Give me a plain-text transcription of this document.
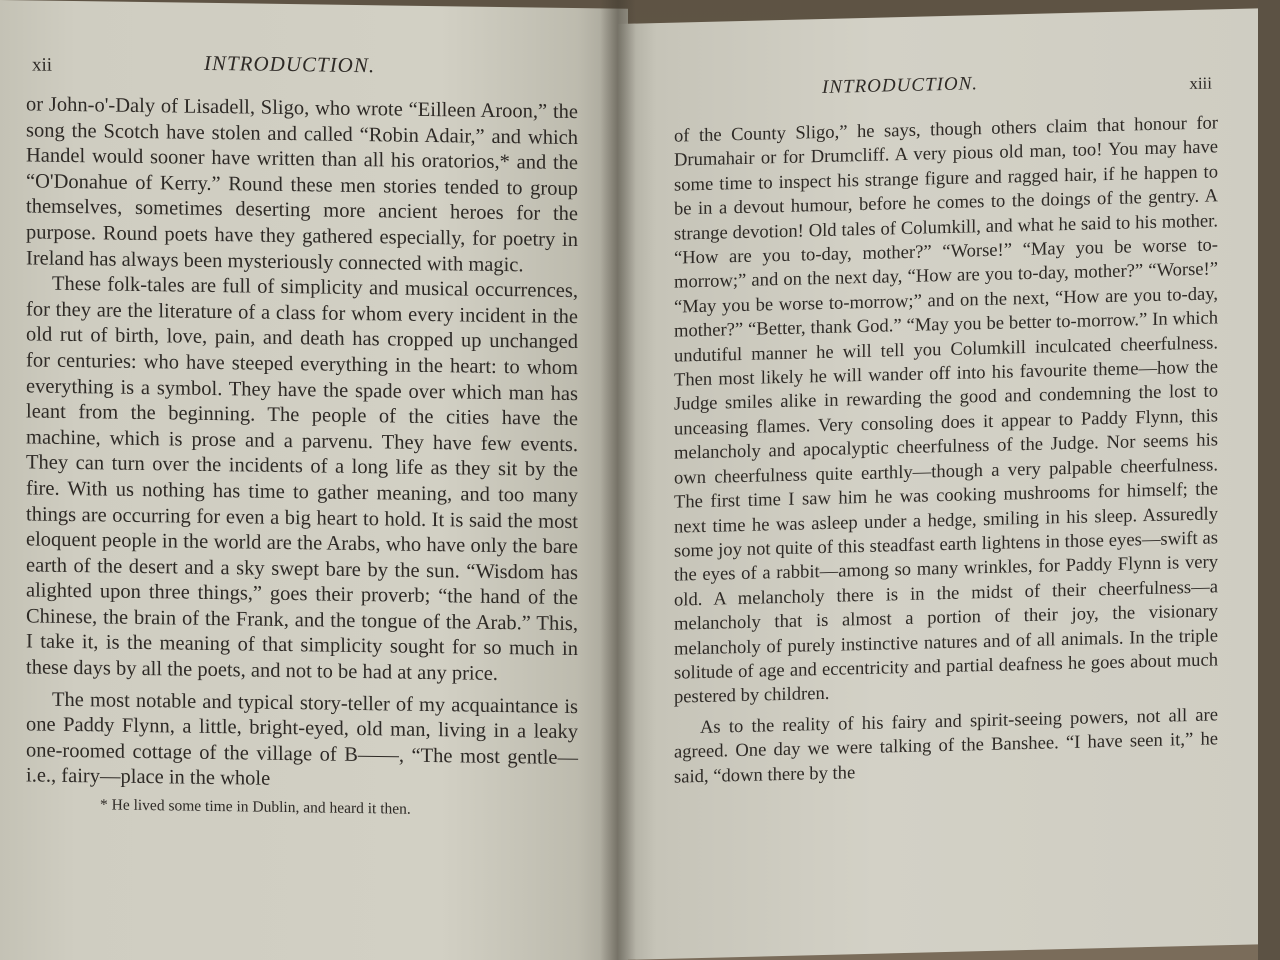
xii	INTRODUCTION.

or John-o'-Daly of Lisadell, Sligo, who wrote “Eilleen Aroon,” the song the Scotch have stolen and called “Robin Adair,” and which Handel would sooner have written than all his oratorios,* and the “O'Donahue of Kerry.” Round these men stories tended to group themselves, sometimes deserting more ancient heroes for the purpose. Round poets have they gathered especially, for poetry in Ireland has always been mysteriously connected with magic.

These folk-tales are full of simplicity and musical occurrences, for they are the literature of a class for whom every incident in the old rut of birth, love, pain, and death has cropped up unchanged for centuries: who have steeped everything in the heart: to whom everything is a symbol. They have the spade over which man has leant from the beginning. The people of the cities have the machine, which is prose and a parvenu. They have few events. They can turn over the incidents of a long life as they sit by the fire. With us nothing has time to gather meaning, and too many things are occurring for even a big heart to hold. It is said the most eloquent people in the world are the Arabs, who have only the bare earth of the desert and a sky swept bare by the sun. “Wisdom has alighted upon three things,” goes their proverb; “the hand of the Chinese, the brain of the Frank, and the tongue of the Arab.” This, I take it, is the meaning of that simplicity sought for so much in these days by all the poets, and not to be had at any price.

The most notable and typical story-teller of my acquaintance is one Paddy Flynn, a little, bright-eyed, old man, living in a leaky one-roomed cottage of the village of B——, “The most gentle—i.e., fairy—place in the whole

* He lived some time in Dublin, and heard it then.
INTRODUCTION.	xiii

of the County Sligo,” he says, though others claim that honour for Drumahair or for Drumcliff. A very pious old man, too! You may have some time to inspect his strange figure and ragged hair, if he happen to be in a devout humour, before he comes to the doings of the gentry. A strange devotion! Old tales of Columkill, and what he said to his mother. “How are you to-day, mother?” “Worse!” “May you be worse to-morrow;” and on the next day, “How are you to-day, mother?” “Worse!” “May you be worse to-morrow;” and on the next, “How are you to-day, mother?” “Better, thank God.” “May you be better to-morrow.” In which undutiful manner he will tell you Columkill inculcated cheerfulness. Then most likely he will wander off into his favourite theme—how the Judge smiles alike in rewarding the good and condemning the lost to unceasing flames. Very consoling does it appear to Paddy Flynn, this melancholy and apocalyptic cheerfulness of the Judge. Nor seems his own cheerfulness quite earthly—though a very palpable cheerfulness. The first time I saw him he was cooking mushrooms for himself; the next time he was asleep under a hedge, smiling in his sleep. Assuredly some joy not quite of this steadfast earth lightens in those eyes—swift as the eyes of a rabbit—among so many wrinkles, for Paddy Flynn is very old. A melancholy there is in the midst of their cheerfulness—a melancholy that is almost a portion of their joy, the visionary melancholy of purely instinctive natures and of all animals. In the triple solitude of age and eccentricity and partial deafness he goes about much pestered by children.

As to the reality of his fairy and spirit-seeing powers, not all are agreed. One day we were talking of the Banshee. “I have seen it,” he said, “down there by the
